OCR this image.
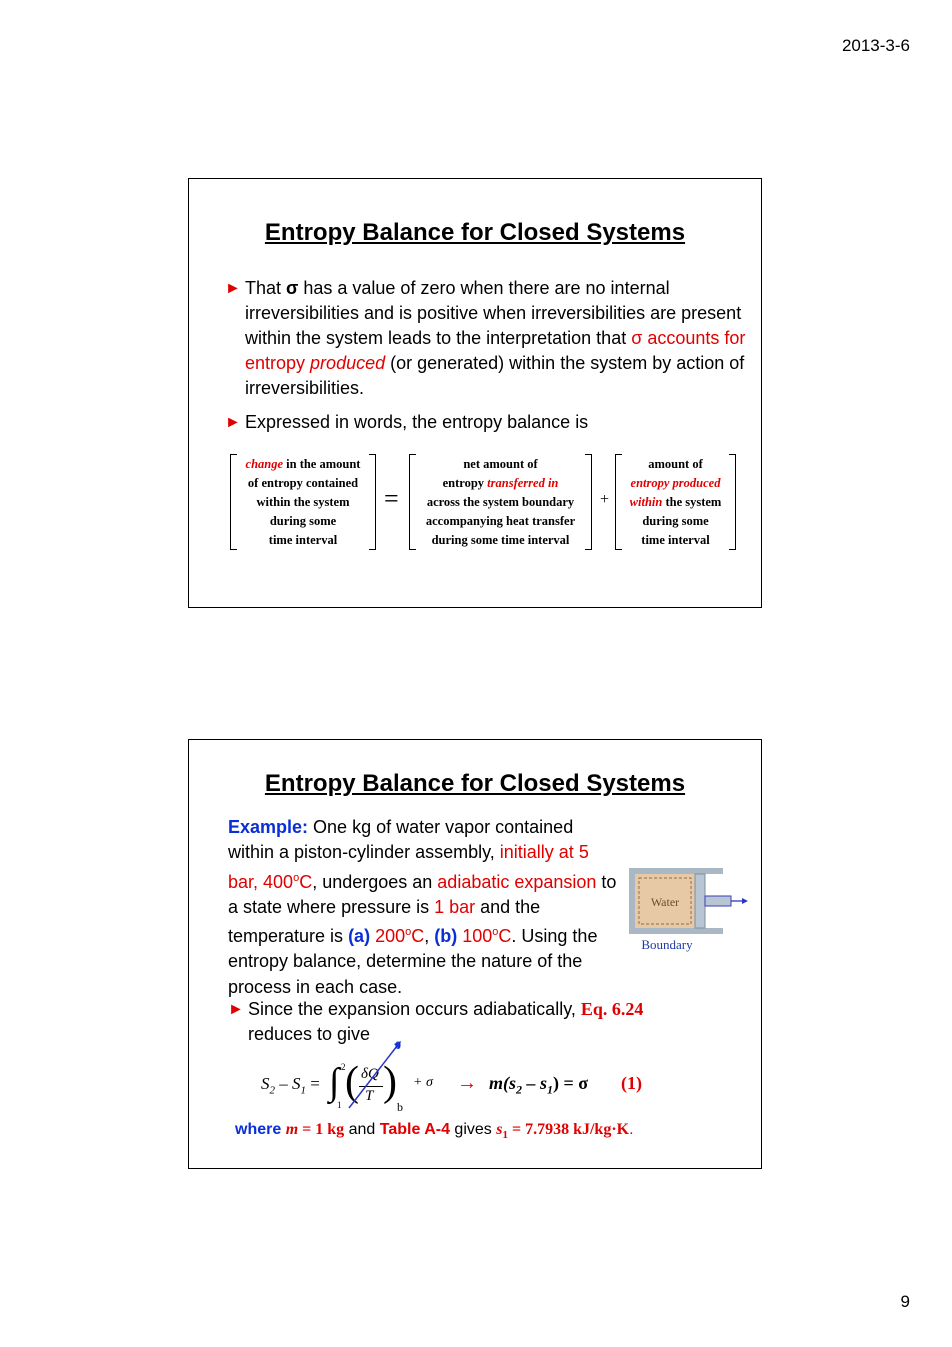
2013-3-6
Entropy Balance for Closed Systems
► That σ has a value of zero when there are no internal irreversibilities and is positive when irreversibilities are present within the system leads to the interpretation that σ accounts for entropy produced (or generated) within the system by action of irreversibilities.
► Expressed in words, the entropy balance is
change in the amount
of entropy contained
within the system
during some
time interval
=
net amount of
entropy transferred in
across the system boundary
accompanying heat transfer
during some time interval
+
amount of
entropy produced
within the system
during some
time interval
Entropy Balance for Closed Systems
Example: One kg of water vapor contained within a piston-cylinder assembly, initially at 5 bar, 400$^o$C, undergoes an adiabatic expansion to a state where pressure is 1 bar and the temperature is (a) 200$^o$C, (b) 100$^o$C. Using the entropy balance, determine the nature of the process in each case.
Water
Boundary
► Since the expansion occurs adiabatically, Eq. 6.24
reduces to give
$S_2 - S_1$ = ∫ 2
1 ( δQ
T )
b
0
+ $\sigma \to m(s_2 - s_1) = \sigma$ (1)
where m = 1 kg and Table A-4 gives $s_1 = 7.7938$ kJ/kg·K.
9
